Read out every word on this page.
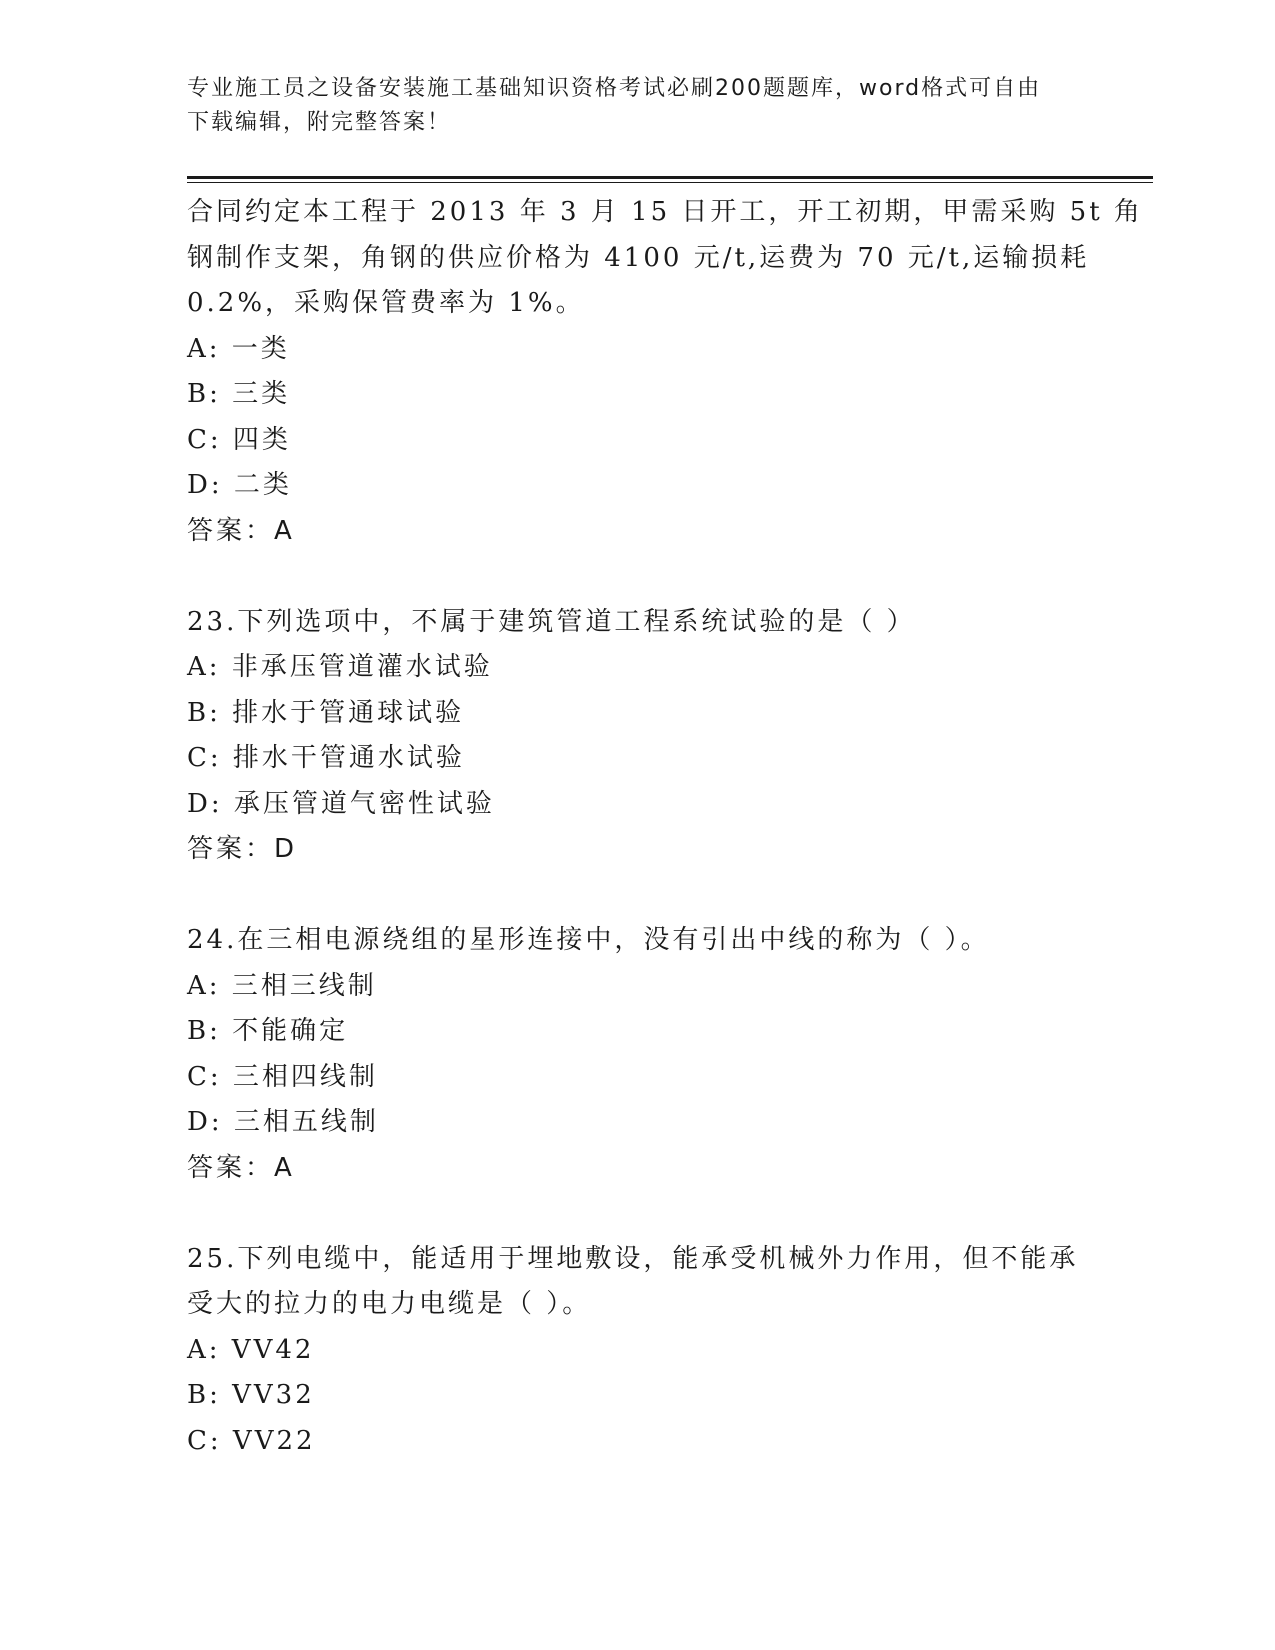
专业施工员之设备安装施工基础知识资格考试必刷200题题库，word格式可自由
下载编辑，附完整答案！
合同约定本工程于 2013 年 3 月 15 日开工，开工初期，甲需采购 5t 角
钢制作支架，角钢的供应价格为 4100 元/t,运费为 70 元/t,运输损耗
0.2%，采购保管费率为 1%。
A: 一类
B: 三类
C: 四类
D: 二类
答案：A
23.下列选项中，不属于建筑管道工程系统试验的是（ ）
A: 非承压管道灌水试验
B: 排水于管通球试验
C: 排水干管通水试验
D: 承压管道气密性试验
答案：D
24.在三相电源绕组的星形连接中，没有引出中线的称为（ ）。
A: 三相三线制
B: 不能确定
C: 三相四线制
D: 三相五线制
答案：A
25.下列电缆中，能适用于埋地敷设，能承受机械外力作用，但不能承
受大的拉力的电力电缆是（ ）。
A: VV42
B: VV32
C: VV22
